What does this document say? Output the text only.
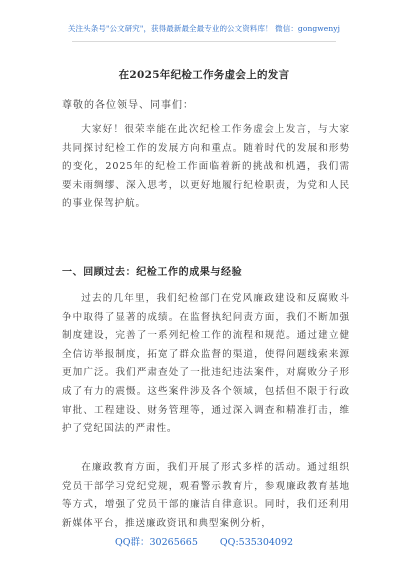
关注头条号"公文研究"，获得最新最全最专业的公文资料库！ 微信：gongwenyj
在2025年纪检工作务虚会上的发言
尊敬的各位领导、同事们：

大家好！很荣幸能在此次纪检工作务虚会上发言，与大家共同探讨纪检工作的发展方向和重点。随着时代的发展和形势的变化，2025年的纪检工作面临着新的挑战和机遇，我们需要未雨绸缪、深入思考，以更好地履行纪检职责，为党和人民的事业保驾护航。

一、回顾过去：纪检工作的成果与经验

过去的几年里，我们纪检部门在党风廉政建设和反腐败斗争中取得了显著的成绩。在监督执纪问责方面，我们不断加强制度建设，完善了一系列纪检工作的流程和规范。通过建立健全信访举报制度，拓宽了群众监督的渠道，使得问题线索来源更加广泛。我们严肃查处了一批违纪违法案件，对腐败分子形成了有力的震慑。这些案件涉及各个领域，包括但不限于行政审批、工程建设、财务管理等，通过深入调查和精准打击，维护了党纪国法的严肃性。

在廉政教育方面，我们开展了形式多样的活动。通过组织党员干部学习党纪党规，观看警示教育片，参观廉政教育基地等方式，增强了党员干部的廉洁自律意识。同时，我们还利用新媒体平台，推送廉政资讯和典型案例分析，

QQ群：30265665 QQ:535304092
